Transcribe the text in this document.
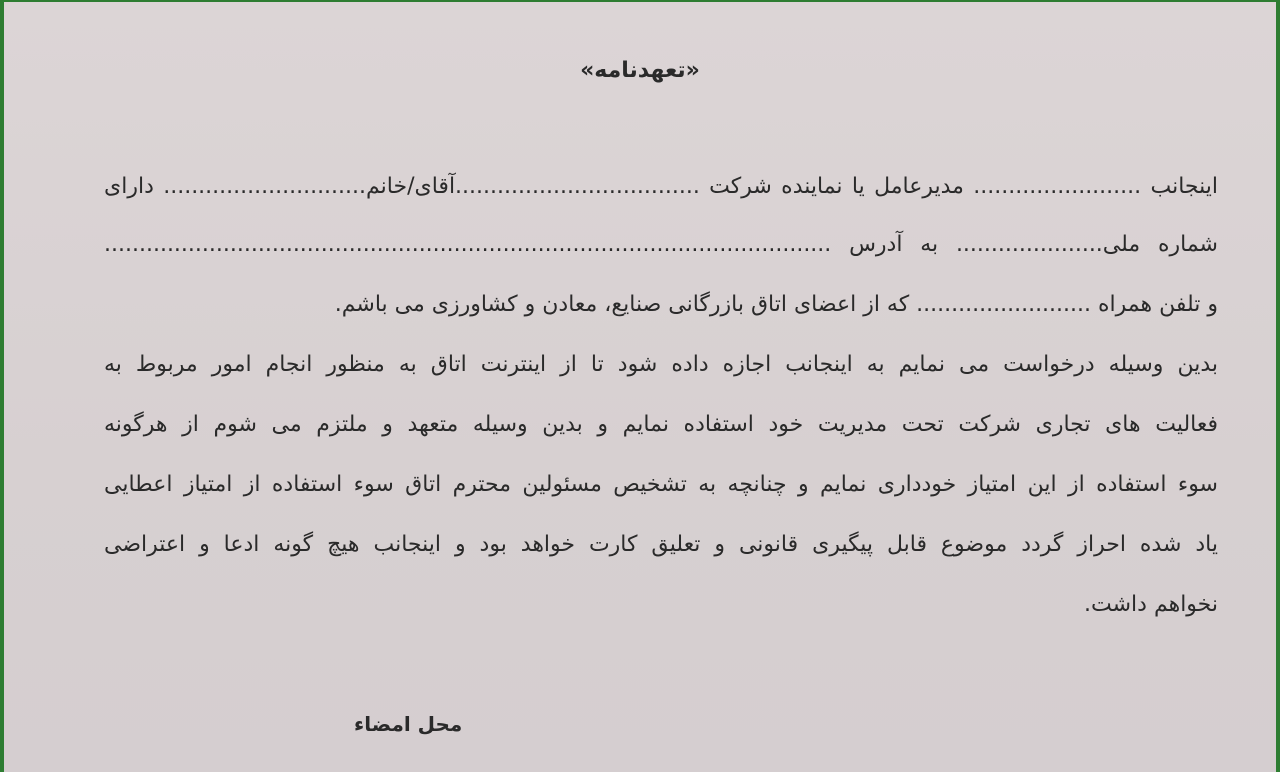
«تعهدنامه»

اینجانب ........................ مدیرعامل یا نماینده شرکت ...................................آقای/خانم............................. دارای

شماره ملی..................... به آدرس ........................................................................................................

و تلفن همراه ......................... که از اعضای اتاق بازرگانی صنایع، معادن و کشاورزی می باشم.

بدین وسیله درخواست می نمایم به اینجانب اجازه داده شود تا از اینترنت اتاق به منظور انجام امور مربوط به

فعالیت های تجاری شرکت تحت مدیریت خود استفاده نمایم و بدین وسیله متعهد و ملتزم می شوم از هرگونه

سوء استفاده از این امتیاز خودداری نمایم و چنانچه به تشخیص مسئولین محترم اتاق سوء استفاده از امتیاز اعطایی

یاد شده احراز گردد موضوع قابل پیگیری قانونی و تعلیق کارت خواهد بود و اینجانب هیچ گونه ادعا و اعتراضی

نخواهم داشت.

محل امضاء
